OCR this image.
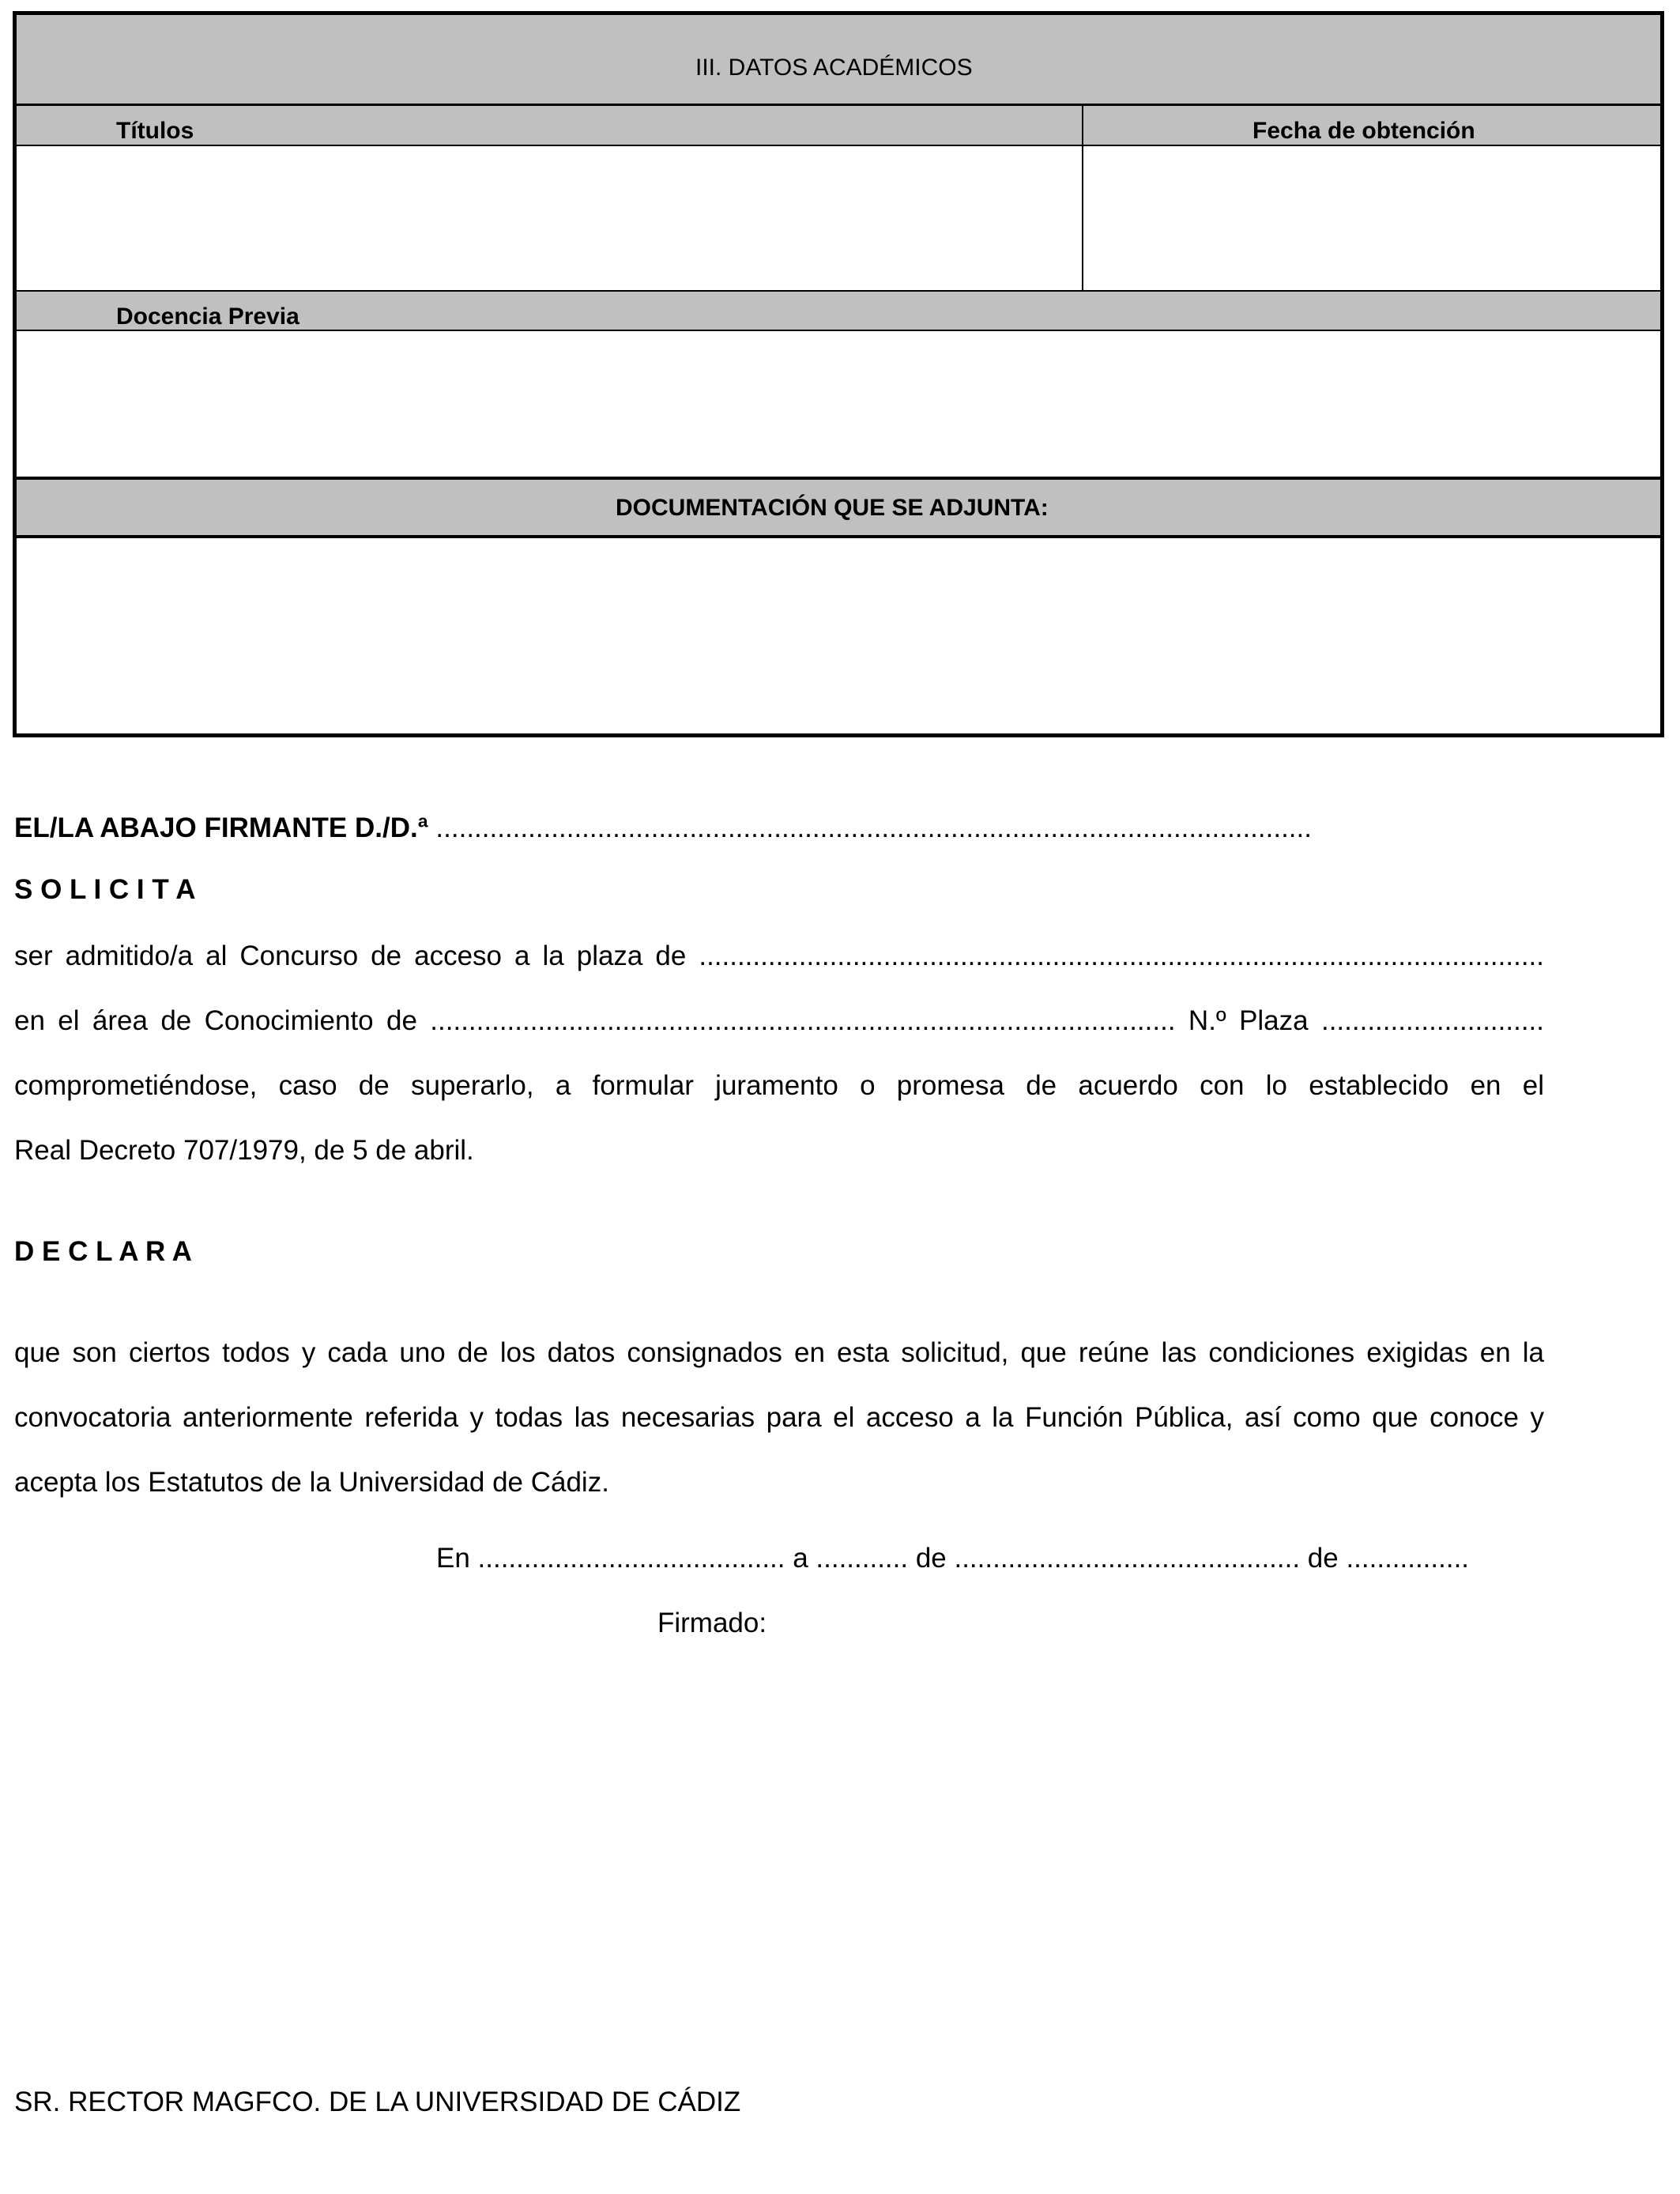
III. DATOS ACADÉMICOS
Títulos	Fecha de obtención
Docencia Previa
DOCUMENTACIÓN QUE SE ADJUNTA:
EL/LA ABAJO FIRMANTE D./D.ª ..................................................................................................................
S O L I C I T A
ser admitido/a al Concurso de acceso a la plaza de ..............................................................................................................
en el área de Conocimiento de ................................................................................................. N.º Plaza .............................
comprometiéndose, caso de superarlo, a formular juramento o promesa de acuerdo con lo establecido en el
Real Decreto 707/1979, de 5 de abril.
D E C L A R A
que son ciertos todos y cada uno de los datos consignados en esta solicitud, que reúne las condiciones exigidas en la
convocatoria anteriormente referida y todas las necesarias para el acceso a la Función Pública, así como que conoce y
acepta los Estatutos de la Universidad de Cádiz.
En ........................................ a ............ de ............................................. de ................
Firmado:
SR. RECTOR MAGFCO. DE LA UNIVERSIDAD DE CÁDIZ
